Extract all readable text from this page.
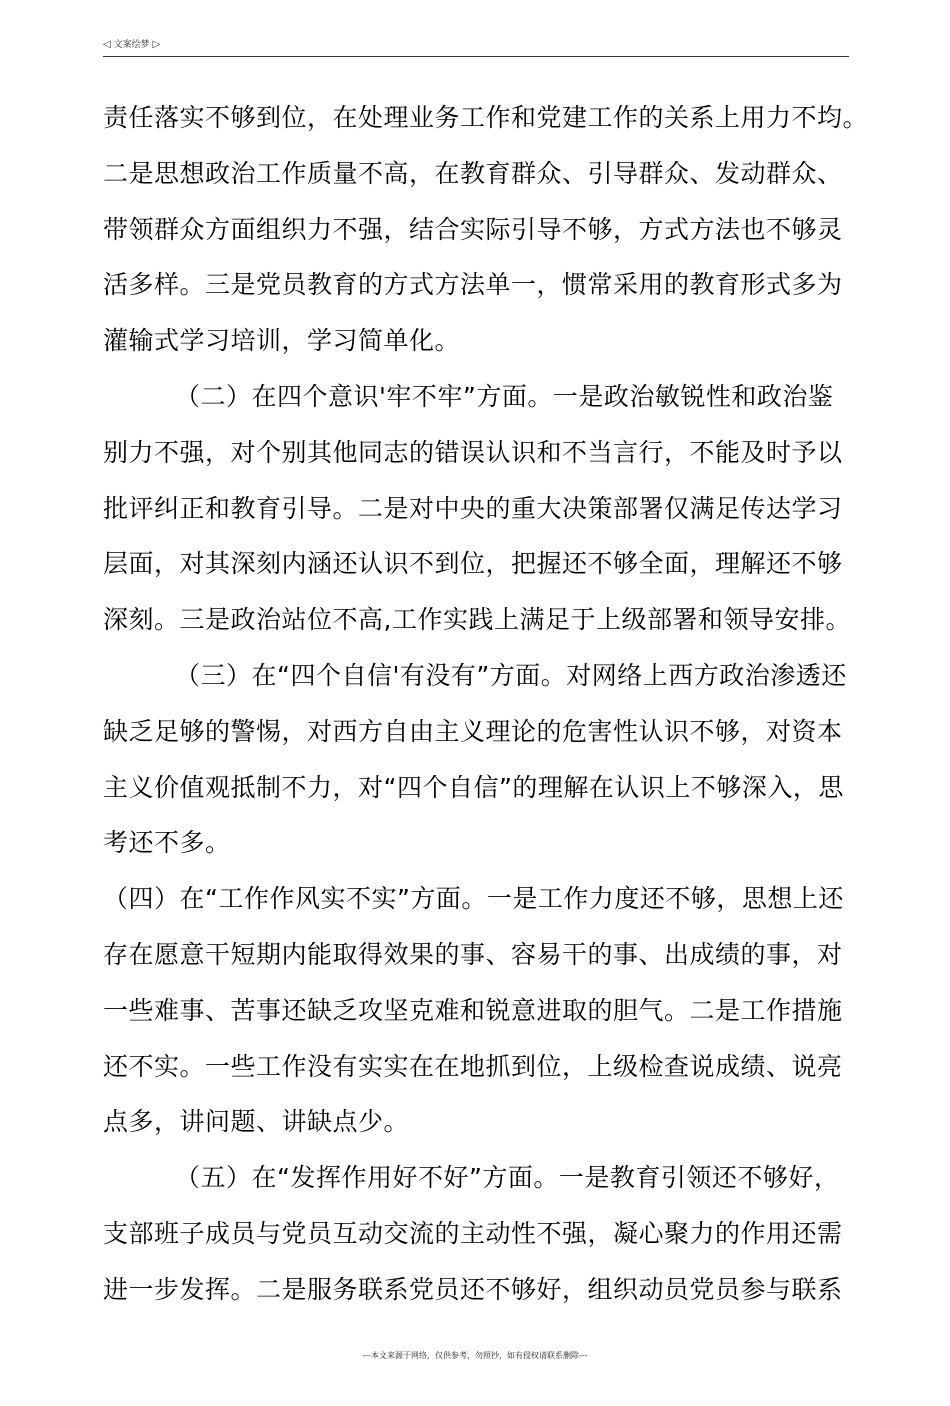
◁ 文案绘梦 ▷
责任落实不够到位，在处理业务工作和党建工作的关系上用力不均。
二是思想政治工作质量不高，在教育群众、引导群众、发动群众、
带领群众方面组织力不强，结合实际引导不够，方式方法也不够灵
活多样。三是党员教育的方式方法单一，惯常采用的教育形式多为
灌输式学习培训，学习简单化。
（二）在四个意识'牢不牢”方面。一是政治敏锐性和政治鉴
别力不强，对个别其他同志的错误认识和不当言行，不能及时予以
批评纠正和教育引导。二是对中央的重大决策部署仅满足传达学习
层面，对其深刻内涵还认识不到位，把握还不够全面，理解还不够
深刻。三是政治站位不高,工作实践上满足于上级部署和领导安排。
（三）在“四个自信'有没有”方面。对网络上西方政治渗透还
缺乏足够的警惕，对西方自由主义理论的危害性认识不够，对资本
主义价值观抵制不力，对“四个自信”的理解在认识上不够深入，思
考还不多。
（四）在“工作作风实不实”方面。一是工作力度还不够，思想上还
存在愿意干短期内能取得效果的事、容易干的事、出成绩的事，对
一些难事、苦事还缺乏攻坚克难和锐意进取的胆气。二是工作措施
还不实。一些工作没有实实在在地抓到位，上级检查说成绩、说亮
点多，讲问题、讲缺点少。
（五）在“发挥作用好不好”方面。一是教育引领还不够好，
支部班子成员与党员互动交流的主动性不强，凝心聚力的作用还需
进一步发挥。二是服务联系党员还不够好，组织动员党员参与联系
---本文来源于网络，仅供参考，勿照抄，如有侵权请联系删除---
